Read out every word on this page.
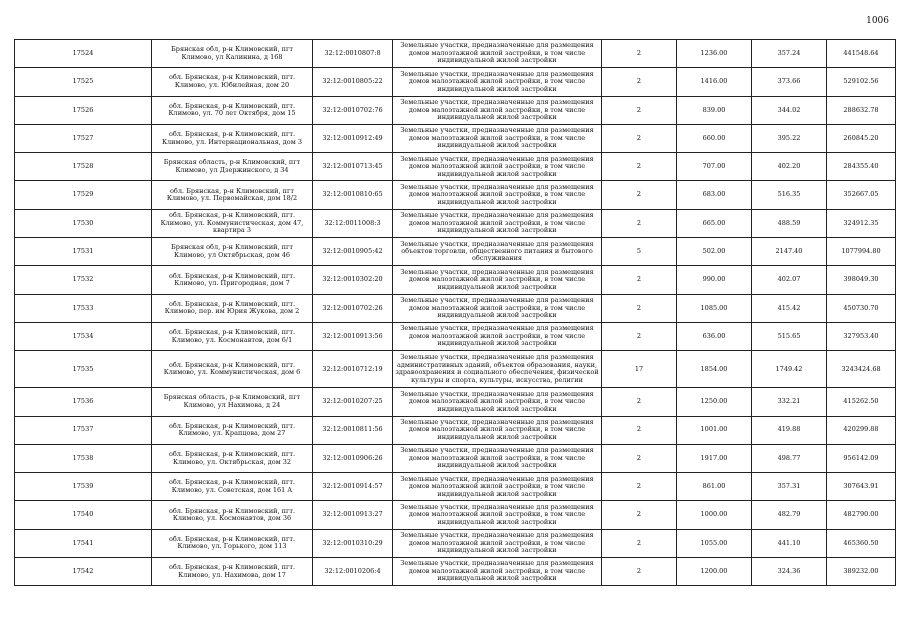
1006
17524	Брянская обл, р-н Климовский, пгт Климово, ул Калинина, д 168	32:12:0010807:8	Земельные участки, предназначенные для размещения домов малоэтажной жилой застройки, в том числе индивидуальной жилой застройки	2	1236.00	357.24	441548.64
17525	обл. Брянская, р-н Климовский, пгт. Климово, ул. Юбилейная, дом 20	32:12:0010805:22	Земельные участки, предназначенные для размещения домов малоэтажной жилой застройки, в том числе индивидуальной жилой застройки	2	1416.00	373.66	529102.56
17526	обл. Брянская, р-н Климовский, пгт. Климово, ул. 70 лет Октября, дом 15	32:12:0010702:76	Земельные участки, предназначенные для размещения домов малоэтажной жилой застройки, в том числе индивидуальной жилой застройки	2	839.00	344.02	288632.78
17527	обл. Брянская, р-н Климовский, пгт. Климово, ул. Интернациональная, дом 3	32:12:0010912:49	Земельные участки, предназначенные для размещения домов малоэтажной жилой застройки, в том числе индивидуальной жилой застройки	2	660.00	395.22	260845.20
17528	Брянская область, р-н Климовский, пгт Климово, ул Дзержинского, д 34	32:12:0010713:45	Земельные участки, предназначенные для размещения домов малоэтажной жилой застройки, в том числе индивидуальной жилой застройки	2	707.00	402.20	284355.40
17529	обл. Брянская, р-н Климовский, пгт Климово, ул. Первомайская, дом 18/2	32:12:0010810:65	Земельные участки, предназначенные для размещения домов малоэтажной жилой застройки, в том числе индивидуальной жилой застройки	2	683.00	516.35	352667.05
17530	обл. Брянская, р-н Климовский, пгт. Климово, ул. Коммунистическая, дом 47, квартира 3	32:12:0011008:3	Земельные участки, предназначенные для размещения домов малоэтажной жилой застройки, в том числе индивидуальной жилой застройки	2	665.00	488.59	324912.35
17531	Брянская обл, р-н Климовский, пгт Климово, ул Октябрьская, дом 46	32:12:0010905:42	Земельные участки, предназначенные для размещения объектов торговли, общественного питания и бытового обслуживания	5	502.00	2147.40	1077994.80
17532	обл. Брянская, р-н Климовский, пгт. Климово, ул. Пригородная, дом 7	32:12:0010302:20	Земельные участки, предназначенные для размещения домов малоэтажной жилой застройки, в том числе индивидуальной жилой застройки	2	990.00	402.07	398049.30
17533	обл. Брянская, р-н Климовский, пгт. Климово, пер. им Юрия Жукова, дом 2	32:12:0010702:26	Земельные участки, предназначенные для размещения домов малоэтажной жилой застройки, в том числе индивидуальной жилой застройки	2	1085.00	415.42	450730.70
17534	обл. Брянская, р-н Климовский, пгт. Климово, ул. Космонавтов, дом 6/1	32:12:0010913:56	Земельные участки, предназначенные для размещения домов малоэтажной жилой застройки, в том числе индивидуальной жилой застройки	2	636.00	515.65	327953.40
17535	обл. Брянская, р-н Климовский, пгт. Климово, ул. Коммунистическая, дом 6	32:12:0010712:19	Земельные участки, предназначенные для размещения административных зданий, объектов образования, науки, здравоохранения и социального обеспечения, физической культуры и спорта, культуры, искусства, религии	17	1854.00	1749.42	3243424.68
17536	Брянская область, р-н Климовский, пгт Климово, ул Нахимова, д 24	32:12:0010207:25	Земельные участки, предназначенные для размещения домов малоэтажной жилой застройки, в том числе индивидуальной жилой застройки	2	1250.00	332.21	415262.50
17537	обл. Брянская, р-н Климовский, пгт. Климово, ул. Крапцова, дом 27	32:12:0010811:56	Земельные участки, предназначенные для размещения домов малоэтажной жилой застройки, в том числе индивидуальной жилой застройки	2	1001.00	419.88	420299.88
17538	обл. Брянская, р-н Климовский, пгт. Климово, ул. Октябрьская, дом 32	32:12:0010906:26	Земельные участки, предназначенные для размещения домов малоэтажной жилой застройки, в том числе индивидуальной жилой застройки	2	1917.00	498.77	956142.09
17539	обл. Брянская, р-н Климовский, пгт. Климово, ул. Советская, дом 161 А	32:12:0010914:57	Земельные участки, предназначенные для размещения домов малоэтажной жилой застройки, в том числе индивидуальной жилой застройки	2	861.00	357.31	307643.91
17540	обл. Брянская, р-н Климовский, пгт. Климово, ул. Космонавтов, дом 36	32:12:0010913:27	Земельные участки, предназначенные для размещения домов малоэтажной жилой застройки, в том числе индивидуальной жилой застройки	2	1000.00	482.79	482790.00
17541	обл. Брянская, р-н Климовский, пгт. Климово, ул. Горького, дом 113	32:12:0010310:29	Земельные участки, предназначенные для размещения домов малоэтажной жилой застройки, в том числе индивидуальной жилой застройки	2	1055.00	441.10	465360.50
17542	обл. Брянская, р-н Климовский, пгт. Климово, ул. Нахимова, дом 17	32:12:0010206:4	Земельные участки, предназначенные для размещения домов малоэтажной жилой застройки, в том числе индивидуальной жилой застройки	2	1200.00	324.36	389232.00
